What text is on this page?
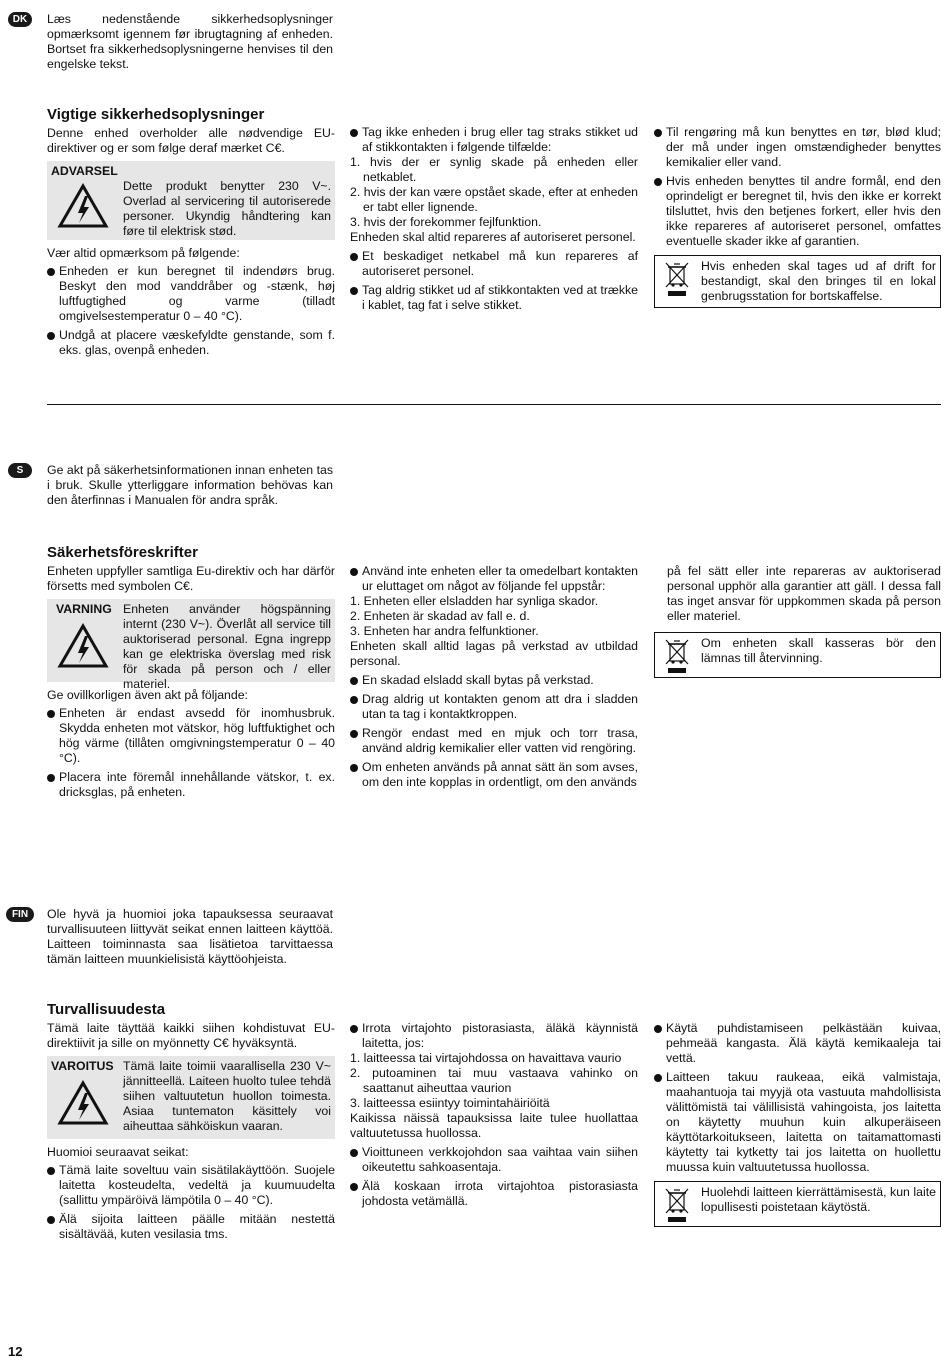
DK	Læs nedenstående sikkerhedsoplysninger opmærksomt igennem før ibrugtagning af enheden. Bortset fra sikkerhedsoplysningerne henvises til den engelske tekst.

Vigtige sikkerhedsoplysninger

Denne enhed overholder alle nødvendige EU-direktiver og er som følge deraf mærket C€.

ADVARSEL
Dette produkt benytter 230 V~. Overlad al servicering til autoriserede personer. Ukyndig håndtering kan føre til elektrisk stød.

Vær altid opmærksom på følgende:

Enheden er kun beregnet til indendørs brug. Beskyt den mod vanddråber og -stænk, høj luftfugtighed og varme (tilladt omgivelsestemperatur 0 – 40 °C).
Undgå at placere væskefyldte genstande, som f. eks. glas, ovenpå enheden.
Tag ikke enheden i brug eller tag straks stikket ud af stikkontakten i følgende tilfælde:
1. hvis der er synlig skade på enheden eller netkablet.
2. hvis der kan være opstået skade, efter at enheden er tabt eller lignende.
3. hvis der forekommer fejlfunktion.
Enheden skal altid repareres af autoriseret personel.
Et beskadiget netkabel må kun repareres af autoriseret personel.
Tag aldrig stikket ud af stikkontakten ved at trække i kablet, tag fat i selve stikket.
Til rengøring må kun benyttes en tør, blød klud; der må under ingen omstændigheder benyttes kemikalier eller vand.
Hvis enheden benyttes til andre formål, end den oprindeligt er beregnet til, hvis den ikke er korrekt tilsluttet, hvis den betjenes forkert, eller hvis den ikke repareres af autoriseret personel, omfattes eventuelle skader ikke af garantien.

Hvis enheden skal tages ud af drift for bestandigt, skal den bringes til en lokal genbrugsstation for bortskaffelse.

S	Ge akt på säkerhetsinformationen innan enheten tas i bruk. Skulle ytterliggare information behövas kan den återfinnas i Manualen för andra språk.

Säkerhetsföreskrifter

Enheten uppfyller samtliga Eu-direktiv och har därför försetts med symbolen C€.

VARNING Enheten använder högspänning internt (230 V~). Överlåt all service till auktoriserad personal. Egna ingrepp kan ge elektriska överslag med risk för skada på person och / eller materiel.

Ge ovillkorligen även akt på följande:

Enheten är endast avsedd för inomhusbruk. Skydda enheten mot vätskor, hög luftfuktighet och hög värme (tillåten omgivningstemperatur 0 – 40 °C).
Placera inte föremål innehållande vätskor, t. ex. dricksglas, på enheten.
Använd inte enheten eller ta omedelbart kontakten ur eluttaget om något av följande fel uppstår:
1. Enheten eller elsladden har synliga skador.
2. Enheten är skadad av fall e. d.
3. Enheten har andra felfunktioner.
Enheten skall alltid lagas på verkstad av utbildad personal.
En skadad elsladd skall bytas på verkstad.
Drag aldrig ut kontakten genom att dra i sladden utan ta tag i kontaktkroppen.
Rengör endast med en mjuk och torr trasa, använd aldrig kemikalier eller vatten vid rengöring.
Om enheten används på annat sätt än som avses, om den inte kopplas in ordentligt, om den används

på fel sätt eller inte repareras av auktoriserad personal upphör alla garantier att gäll. I dessa fall tas inget ansvar för uppkommen skada på person eller materiel.

Om enheten skall kasseras bör den lämnas till återvinning.

FIN	Ole hyvä ja huomioi joka tapauksessa seuraavat turvallisuuteen liittyvät seikat ennen laitteen käyttöä. Laitteen toiminnasta saa lisätietoa tarvittaessa tämän laitteen muunkielisistä käyttöohjeista.

Turvallisuudesta

Tämä laite täyttää kaikki siihen kohdistuvat EU-direktiivit ja sille on myönnetty C€ hyväksyntä.

VAROITUS Tämä laite toimii vaarallisella 230 V~ jännitteellä. Laiteen huolto tulee tehdä siihen valtuutetun huollon toimesta. Asiaa tuntematon käsittely voi aiheuttaa sähköiskun vaaran.

Huomioi seuraavat seikat:

Tämä laite soveltuu vain sisätilakäyttöön. Suojele laitetta kosteudelta, vedeltä ja kuumuudelta (sallittu ympäröivä lämpötila 0 – 40 °C).
Älä sijoita laitteen päälle mitään nestettä sisältävää, kuten vesilasia tms.
Irrota virtajohto pistorasiasta, äläkä käynnistä laitetta, jos:
1. laitteessa tai virtajohdossa on havaittava vaurio
2. putoaminen tai muu vastaava vahinko on saattanut aiheuttaa vaurion
3. laitteessa esiintyy toimintahäiriöitä
Kaikissa näissä tapauksissa laite tulee huollattaa valtuutetussa huollossa.
Vioittuneen verkkojohdon saa vaihtaa vain siihen oikeutettu sahkoasentaja.
Älä koskaan irrota virtajohtoa pistorasiasta johdosta vetämällä.
Käytä puhdistamiseen pelkästään kuivaa, pehmeää kangasta. Älä käytä kemikaaleja tai vettä.
Laitteen takuu raukeaa, eikä valmistaja, maahantuoja tai myyjä ota vastuuta mahdollisista välittömistä tai välillisistä vahingoista, jos laitetta on käytetty muuhun kuin alkuperäiseen käyttötarkoitukseen, laitetta on taitamattomasti käytetty tai kytketty tai jos laitetta on huollettu muussa kuin valtuutetussa huollossa.

Huolehdi laitteen kierrättämisestä, kun laite lopullisesti poistetaan käytöstä.

12
